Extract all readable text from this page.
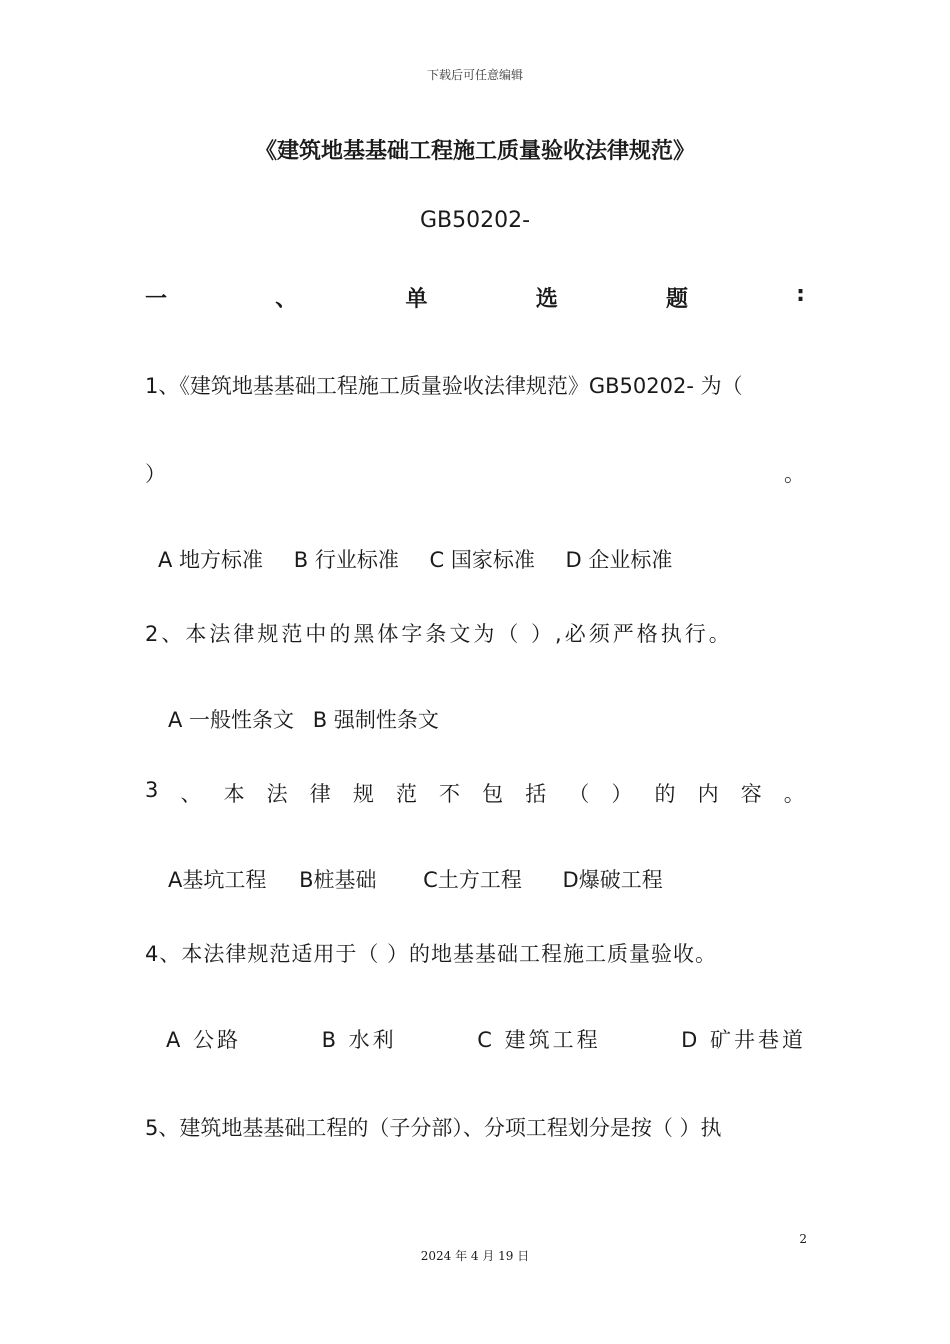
下载后可任意编辑
《建筑地基基础工程施工质量验收法律规范》
GB50202-
一	、	单	选	题	:
1、《建筑地基基础工程施工质量验收法律规范》GB50202- 为（
）	。
A 地方标准 B 行业标准 C 国家标准 D 企业标准
2、本法律规范中的黑体字条文为（ ）,必须严格执行。
A 一般性条文 B 强制性条文
3 、 本 法 律 规 范 不 包 括 （ ） 的 内 容 。
A基坑工程 B桩基础 C土方工程 D爆破工程
4、本法律规范适用于（ ）的地基基础工程施工质量验收。
A 公路	B 水利	C 建筑工程	D 矿井巷道
5、建筑地基基础工程的（子分部）、分项工程划分是按（ ）执
2
2024 年 4 月 19 日
